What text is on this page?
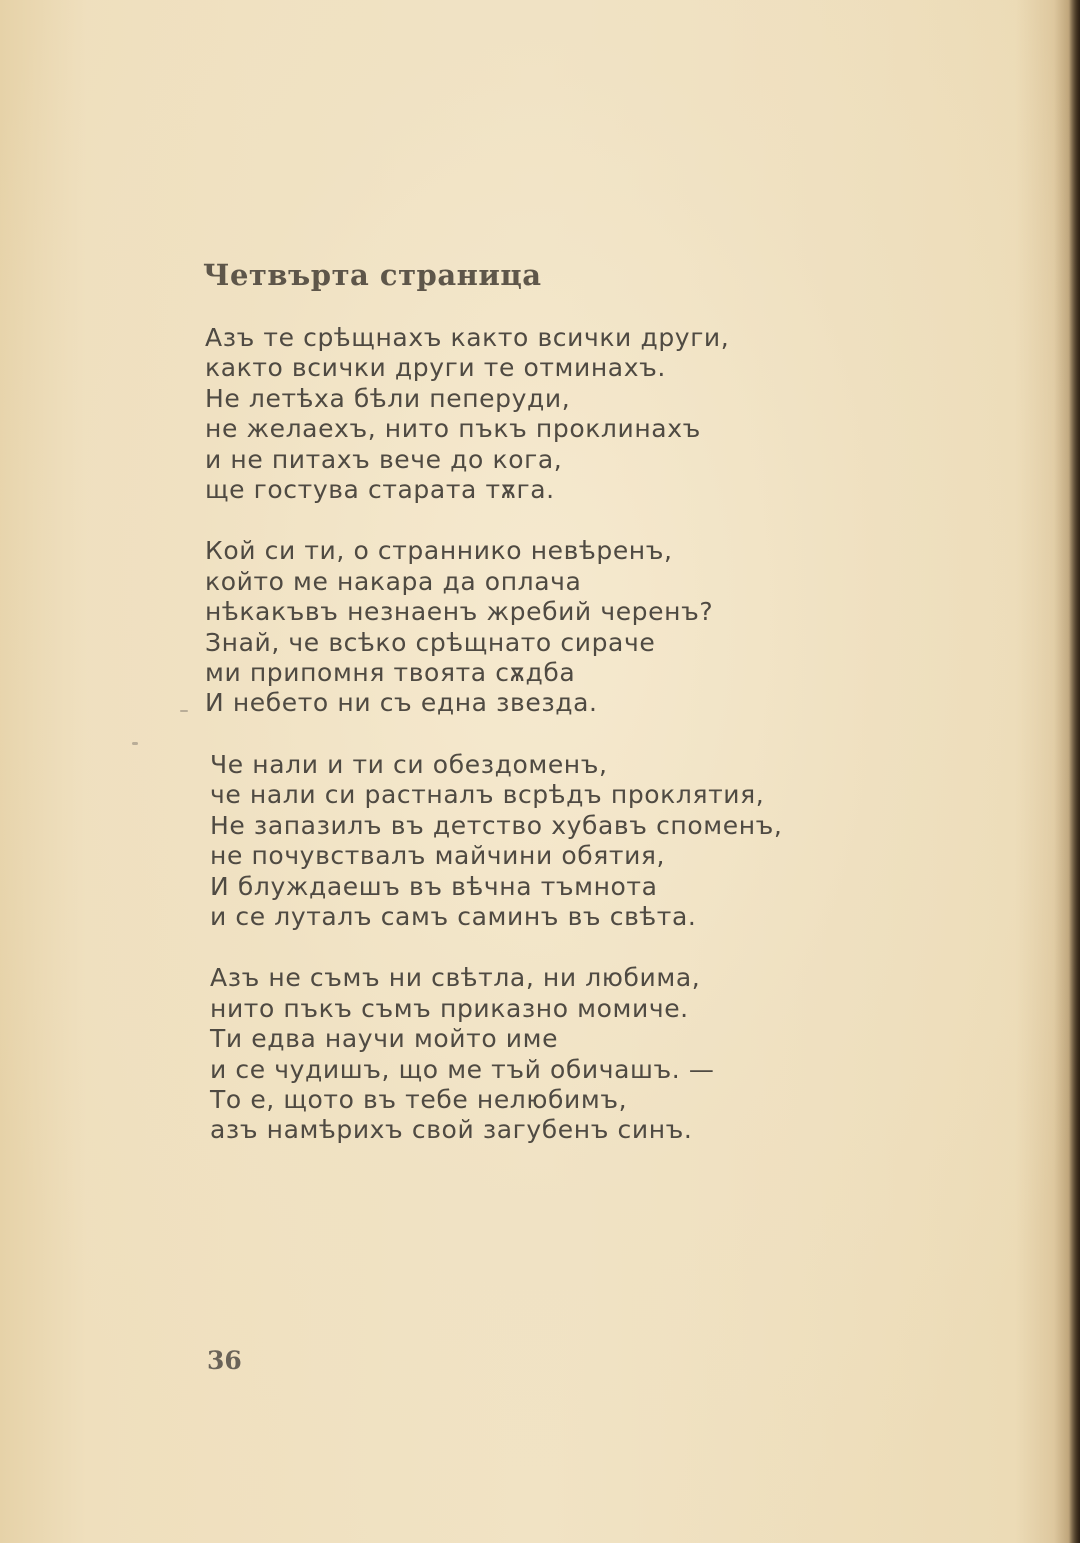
Четвърта страница
Азъ те срѣщнахъ както всички други,
както всички други те отминахъ.
Не летѣха бѣли пеперуди,
не желаехъ, нито пъкъ проклинахъ
и не питахъ вече до кога,
ще гостува старата тѫга.
Кой си ти, о страннико невѣренъ,
който ме накара да оплача
нѣкакъвъ незнаенъ жребий черенъ?
Знай, че всѣко срѣщнато сираче
ми припомня твоята сѫдба
И небето ни съ една звезда.
Че нали и ти си обездоменъ,
че нали си растналъ всрѣдъ проклятия,
Не запазилъ въ детство хубавъ споменъ,
не почувствалъ майчини обятия,
И блуждаешъ въ вѣчна тъмнота
и се луталъ самъ саминъ въ свѣта.
Азъ не съмъ ни свѣтла, ни любима,
нито пъкъ съмъ приказно момиче.
Ти едва научи мойто име
и се чудишъ, що ме тъй обичашъ. —
То е, щото въ тебе нелюбимъ,
азъ намѣрихъ свой загубенъ синъ.
36
